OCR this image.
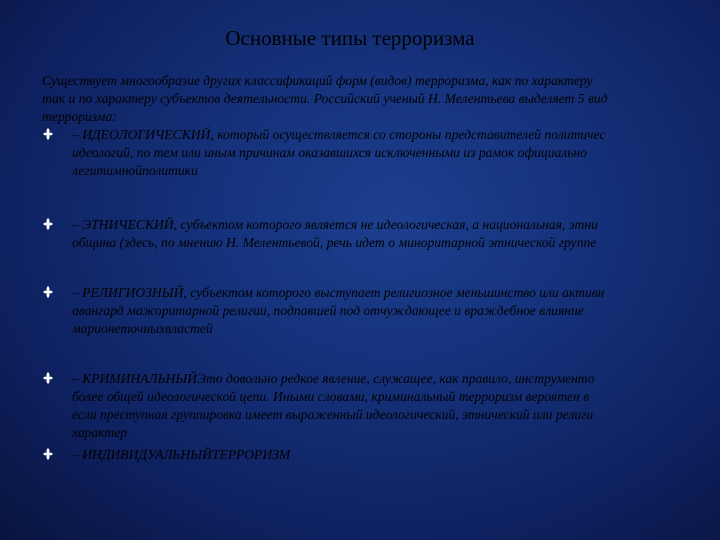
Основные типы терроризма
Существует многообразие других классификаций форм (видов) терроризма, как по характеру
так и по характеру субъектов деятельности. Российский ученый Н. Мелентьева выделяет 5 вид
терроризма:
– ИДЕОЛОГИЧЕСКИЙ, который осуществляется со стороны представителей политичес
идеологий, по тем или иным причинам оказавшихся исключенными из рамок официально
легитимнойполитики
– ЭТНИЧЕСКИЙ, субъектом которого является не идеологическая, а национальная, этни
община (здесь, по мнению Н. Мелентьевой, речь идет о миноритарной этнической группе
– РЕЛИГИОЗНЫЙ, субъектом которого выступает религиозное меньшинство или активн
авангард мажоритарной религии, подпавшей под отчуждающее и враждебное влияние
марионеточныхвластей
– КРИМИНАЛЬНЫЙЭто довольно редкое явление, служащее, как правило, инструменто
более общей идеологической цепи. Иными словами, криминальный терроризм вероятен в
если преступная группировка имеет выраженный идеологический, этнический или религи
характер
– ИНДИВИДУАЛЬНЫЙТЕРРОРИЗМ
